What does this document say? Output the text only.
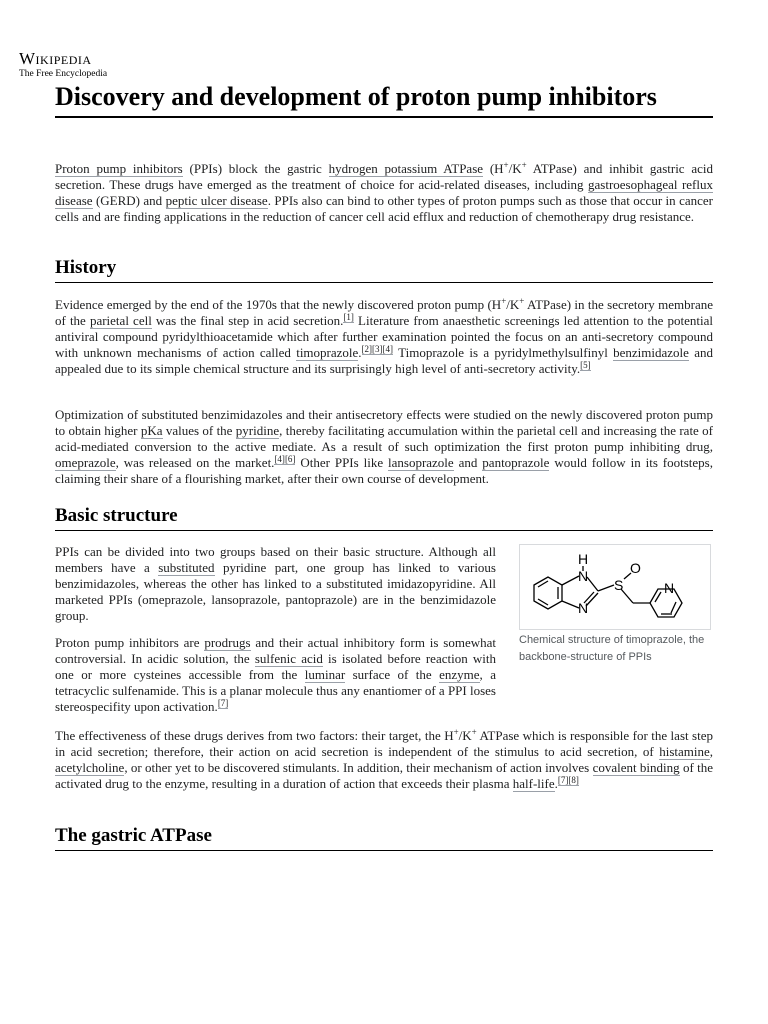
Wikipedia
The Free Encyclopedia
Discovery and development of proton pump inhibitors

Proton pump inhibitors (PPIs) block the gastric hydrogen potassium ATPase (H+/K+ ATPase) and inhibit gastric acid secretion. These drugs have emerged as the treatment of choice for acid-related diseases, including gastroesophageal reflux disease (GERD) and peptic ulcer disease. PPIs also can bind to other types of proton pumps such as those that occur in cancer cells and are finding applications in the reduction of cancer cell acid efflux and reduction of chemotherapy drug resistance.

History

Evidence emerged by the end of the 1970s that the newly discovered proton pump (H+/K+ ATPase) in the secretory membrane of the parietal cell was the final step in acid secretion.[1] Literature from anaesthetic screenings led attention to the potential antiviral compound pyridylthioacetamide which after further examination pointed the focus on an anti-secretory compound with unknown mechanisms of action called timoprazole.[2][3][4] Timoprazole is a pyridylmethylsulfinyl benzimidazole and appealed due to its simple chemical structure and its surprisingly high level of anti-secretory activity.[5]

Optimization of substituted benzimidazoles and their antisecretory effects were studied on the newly discovered proton pump to obtain higher pKa values of the pyridine, thereby facilitating accumulation within the parietal cell and increasing the rate of acid-mediated conversion to the active mediate. As a result of such optimization the first proton pump inhibiting drug, omeprazole, was released on the market.[4][6] Other PPIs like lansoprazole and pantoprazole would follow in its footsteps, claiming their share of a flourishing market, after their own course of development.

Basic structure

PPIs can be divided into two groups based on their basic structure. Although all members have a substituted pyridine part, one group has linked to various benzimidazoles, whereas the other has linked to a substituted imidazopyridine. All marketed PPIs (omeprazole, lansoprazole, pantoprazole) are in the benzimidazole group.

H
N
S
O
N
N
Chemical structure of timoprazole, the backbone-structure of PPIs

Proton pump inhibitors are prodrugs and their actual inhibitory form is somewhat controversial. In acidic solution, the sulfenic acid is isolated before reaction with one or more cysteines accessible from the luminar surface of the enzyme, a tetracyclic sulfenamide. This is a planar molecule thus any enantiomer of a PPI loses stereospecifity upon activation.[7]

The effectiveness of these drugs derives from two factors: their target, the H+/K+ ATPase which is responsible for the last step in acid secretion; therefore, their action on acid secretion is independent of the stimulus to acid secretion, of histamine, acetylcholine, or other yet to be discovered stimulants. In addition, their mechanism of action involves covalent binding of the activated drug to the enzyme, resulting in a duration of action that exceeds their plasma half-life.[7][8]

The gastric ATPase
